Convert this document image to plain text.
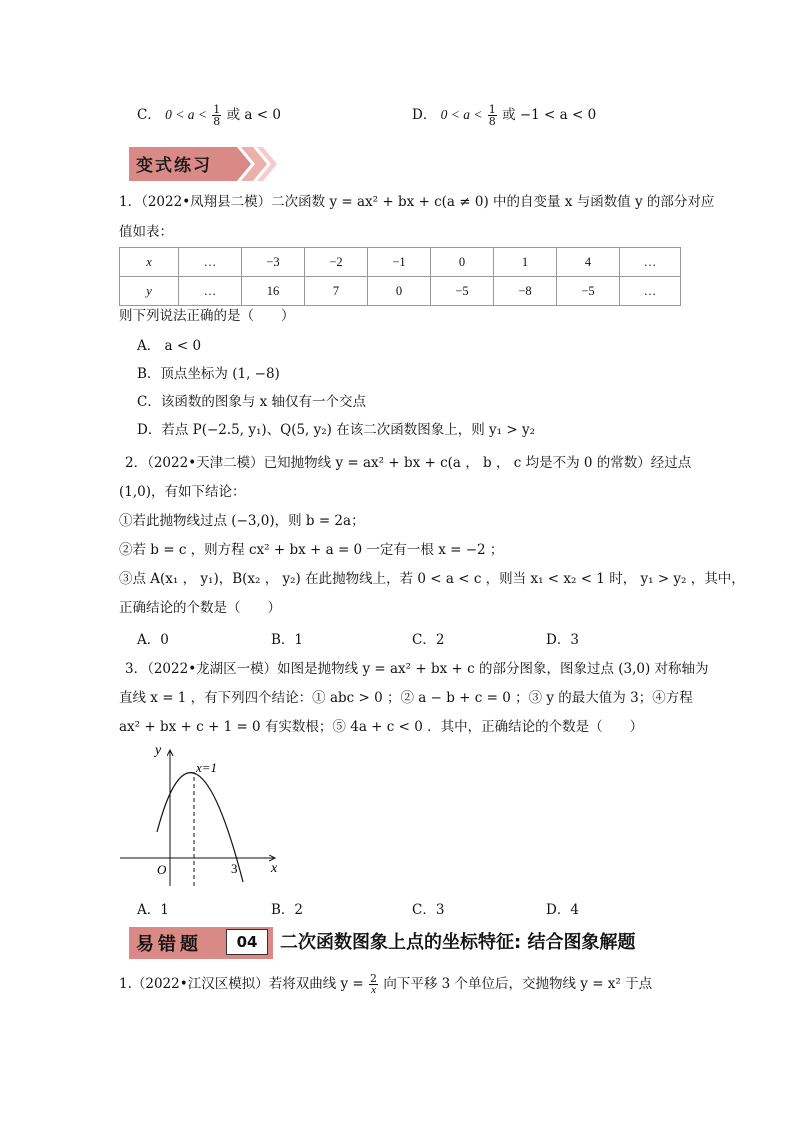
C． $0 < a < \frac{1}{8}$ 或 a < 0	D． $0 < a < \frac{1}{8}$ 或 −1 < a < 0
变式练习
1．（2022•凤翔县二模）二次函数 y = ax² + bx + c(a ≠ 0) 中的自变量 x 与函数值 y 的部分对应
值如表：
x	…	−3	−2	−1	0	1	4	…
y	…	16	7	0	−5	−8	−5	…
则下列说法正确的是（　　）
A． a < 0
B．顶点坐标为 (1, −8)
C．该函数的图象与 x 轴仅有一个交点
D．若点 P(−2.5, y₁)、Q(5, y₂) 在该二次函数图象上，则 y₁ > y₂
2．（2022•天津二模）已知抛物线 y = ax² + bx + c(a ， b ， c 均是不为 0 的常数）经过点
(1,0)，有如下结论：
①若此抛物线过点 (−3,0)，则 b = 2a；
②若 b = c ，则方程 cx² + bx + a = 0 一定有一根 x = −2 ；
③点 A(x₁ ， y₁)，B(x₂ ， y₂) 在此抛物线上，若 0 < a < c ，则当 x₁ < x₂ < 1 时， y₁ > y₂ ，其中，
正确结论的个数是（　　）
A．0	B．1	C．2	D．3
3．（2022•龙湖区一模）如图是抛物线 y = ax² + bx + c 的部分图象，图象过点 (3,0) 对称轴为
直线 x = 1 ，有下列四个结论：① abc > 0 ；② a − b + c = 0 ；③ y 的最大值为 3；④方程
ax² + bx + c + 1 = 0 有实数根；⑤ 4a + c < 0 ．其中，正确结论的个数是（　　）
y
x
O
x=1
3
A．1	B．2	C．3	D．4
易错题	04	二次函数图象上点的坐标特征: 结合图象解题
1.（2022•江汉区模拟）若将双曲线 $y = \frac{2}{x}$ 向下平移 3 个单位后，交抛物线 y = x² 于点
